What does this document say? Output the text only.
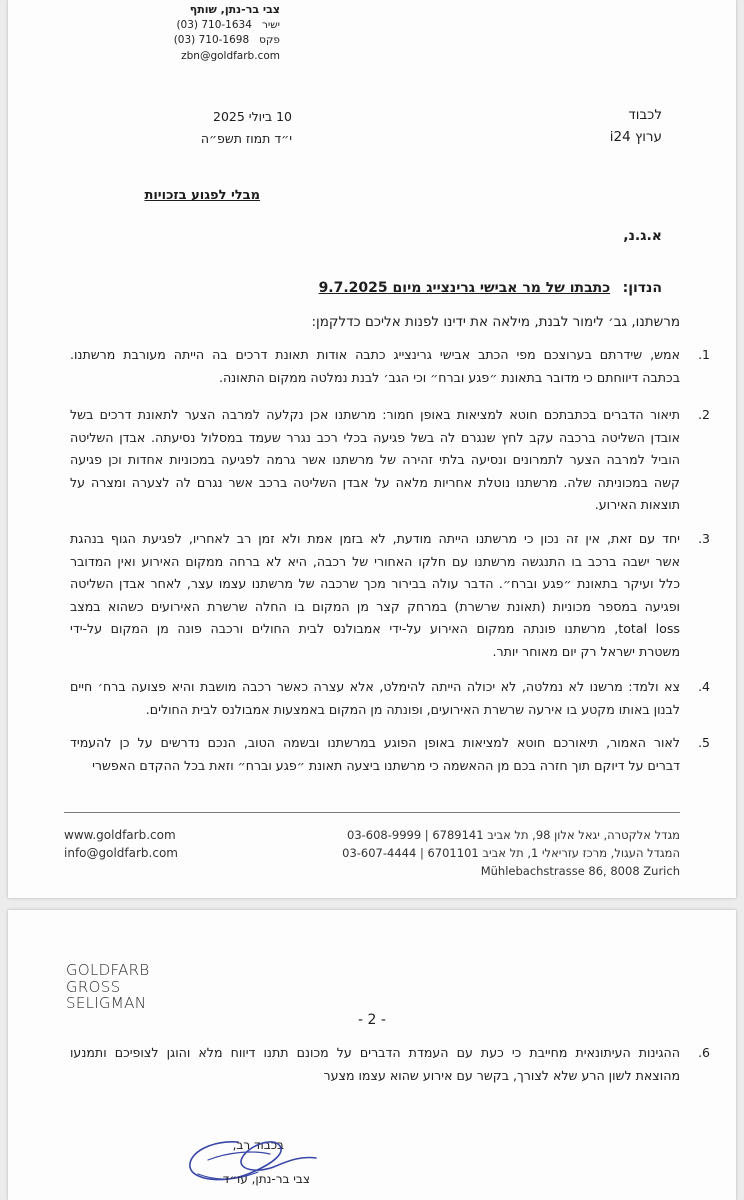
צבי בר-נתן, שותף
ישיר   (03) 710-1634
פקס   (03) 710-1698
zbn@goldfarb.com
10 ביולי 2025
י״ד תמוז תשפ״ה
לכבוד
ערוץ i24
מבלי לפגוע בזכויות
א.ג.נ,
הנדון: כתבתו של מר אבישי גרינצייג מיום 9.7.2025
מרשתנו, גב׳ לימור לבנת, מילאה את ידינו לפנות אליכם כדלקמן:
.1
אמש, שידרתם בערוצכם מפי הכתב אבישי גרינצייג כתבה אודות תאונת דרכים בה הייתה מעורבת מרשתנו.
בכתבה דיווחתם כי מדובר בתאונת ״פגע וברח״ וכי הגב׳ לבנת נמלטה ממקום התאונה.
.2
תיאור הדברים בכתבתכם חוטא למציאות באופן חמור: מרשתנו אכן נקלעה למרבה הצער לתאונת דרכים בשל
אובדן השליטה ברכבה עקב לחץ שנגרם לה בשל פגיעה בכלי רכב נגרר שעמד במסלול נסיעתה. אבדן השליטה
הוביל למרבה הצער לתמרונים ונסיעה בלתי זהירה של מרשתנו אשר גרמה לפגיעה במכוניות אחדות וכן פגיעה
קשה במכוניתה שלה. מרשתנו נוטלת אחריות מלאה על אבדן השליטה ברכב אשר נגרם לה לצערה ומצרה על
תוצאות האירוע.
.3
יחד עם זאת, אין זה נכון כי מרשתנו הייתה מודעת, לא בזמן אמת ולא זמן רב לאחריו, לפגיעת הגוף בנהגת
אשר ישבה ברכב בו התנגשה מרשתנו עם חלקו האחורי של רכבה, היא לא ברחה ממקום האירוע ואין המדובר
כלל ועיקר בתאונת ״פגע וברח״. הדבר עולה בבירור מכך שרכבה של מרשתנו עצמו עצר, לאחר אבדן השליטה
ופגיעה במספר מכוניות (תאונת שרשרת) במרחק קצר מן המקום בו החלה שרשרת האירועים כשהוא במצב
total loss, מרשתנו פונתה ממקום האירוע על-ידי אמבולנס לבית החולים ורכבה פונה מן המקום על-ידי
משטרת ישראל רק יום מאוחר יותר.
.4
צא ולמד: מרשנו לא נמלטה, לא יכולה הייתה להימלט, אלא עצרה כאשר רכבה מושבת והיא פצועה ברח׳ חיים
לבנון באותו מקטע בו אירעה שרשרת האירועים, ופונתה מן המקום באמצעות אמבולנס לבית החולים.
.5
לאור האמור, תיאורכם חוטא למציאות באופן הפוגע במרשתנו ובשמה הטוב, הנכם נדרשים על כן להעמיד
דברים על דיוקם תוך חזרה בכם מן ההאשמה כי מרשתנו ביצעה תאונת ״פגע וברח״ וזאת בכל ההקדם האפשרי
www.goldfarb.com
info@goldfarb.com
מגדל אלקטרה, יגאל אלון 98, תל אביב 6789141 | 03-608-9999
המגדל העגול, מרכז עזריאלי 1, תל אביב 6701101 | 03-607-4444
Mühlebachstrasse 86, 8008 Zurich
GOLDFARB
GROSS
SELIGMAN
- 2 -
.6
ההגינות העיתונאית מחייבת כי כעת עם העמדת הדברים על מכונם תתנו דיווח מלא והוגן לצופיכם ותמנעו
מהוצאת לשון הרע שלא לצורך, בקשר עם אירוע שהוא עצמו מצער
בכבוד רב,
צבי בר-נתן, עו״ד
